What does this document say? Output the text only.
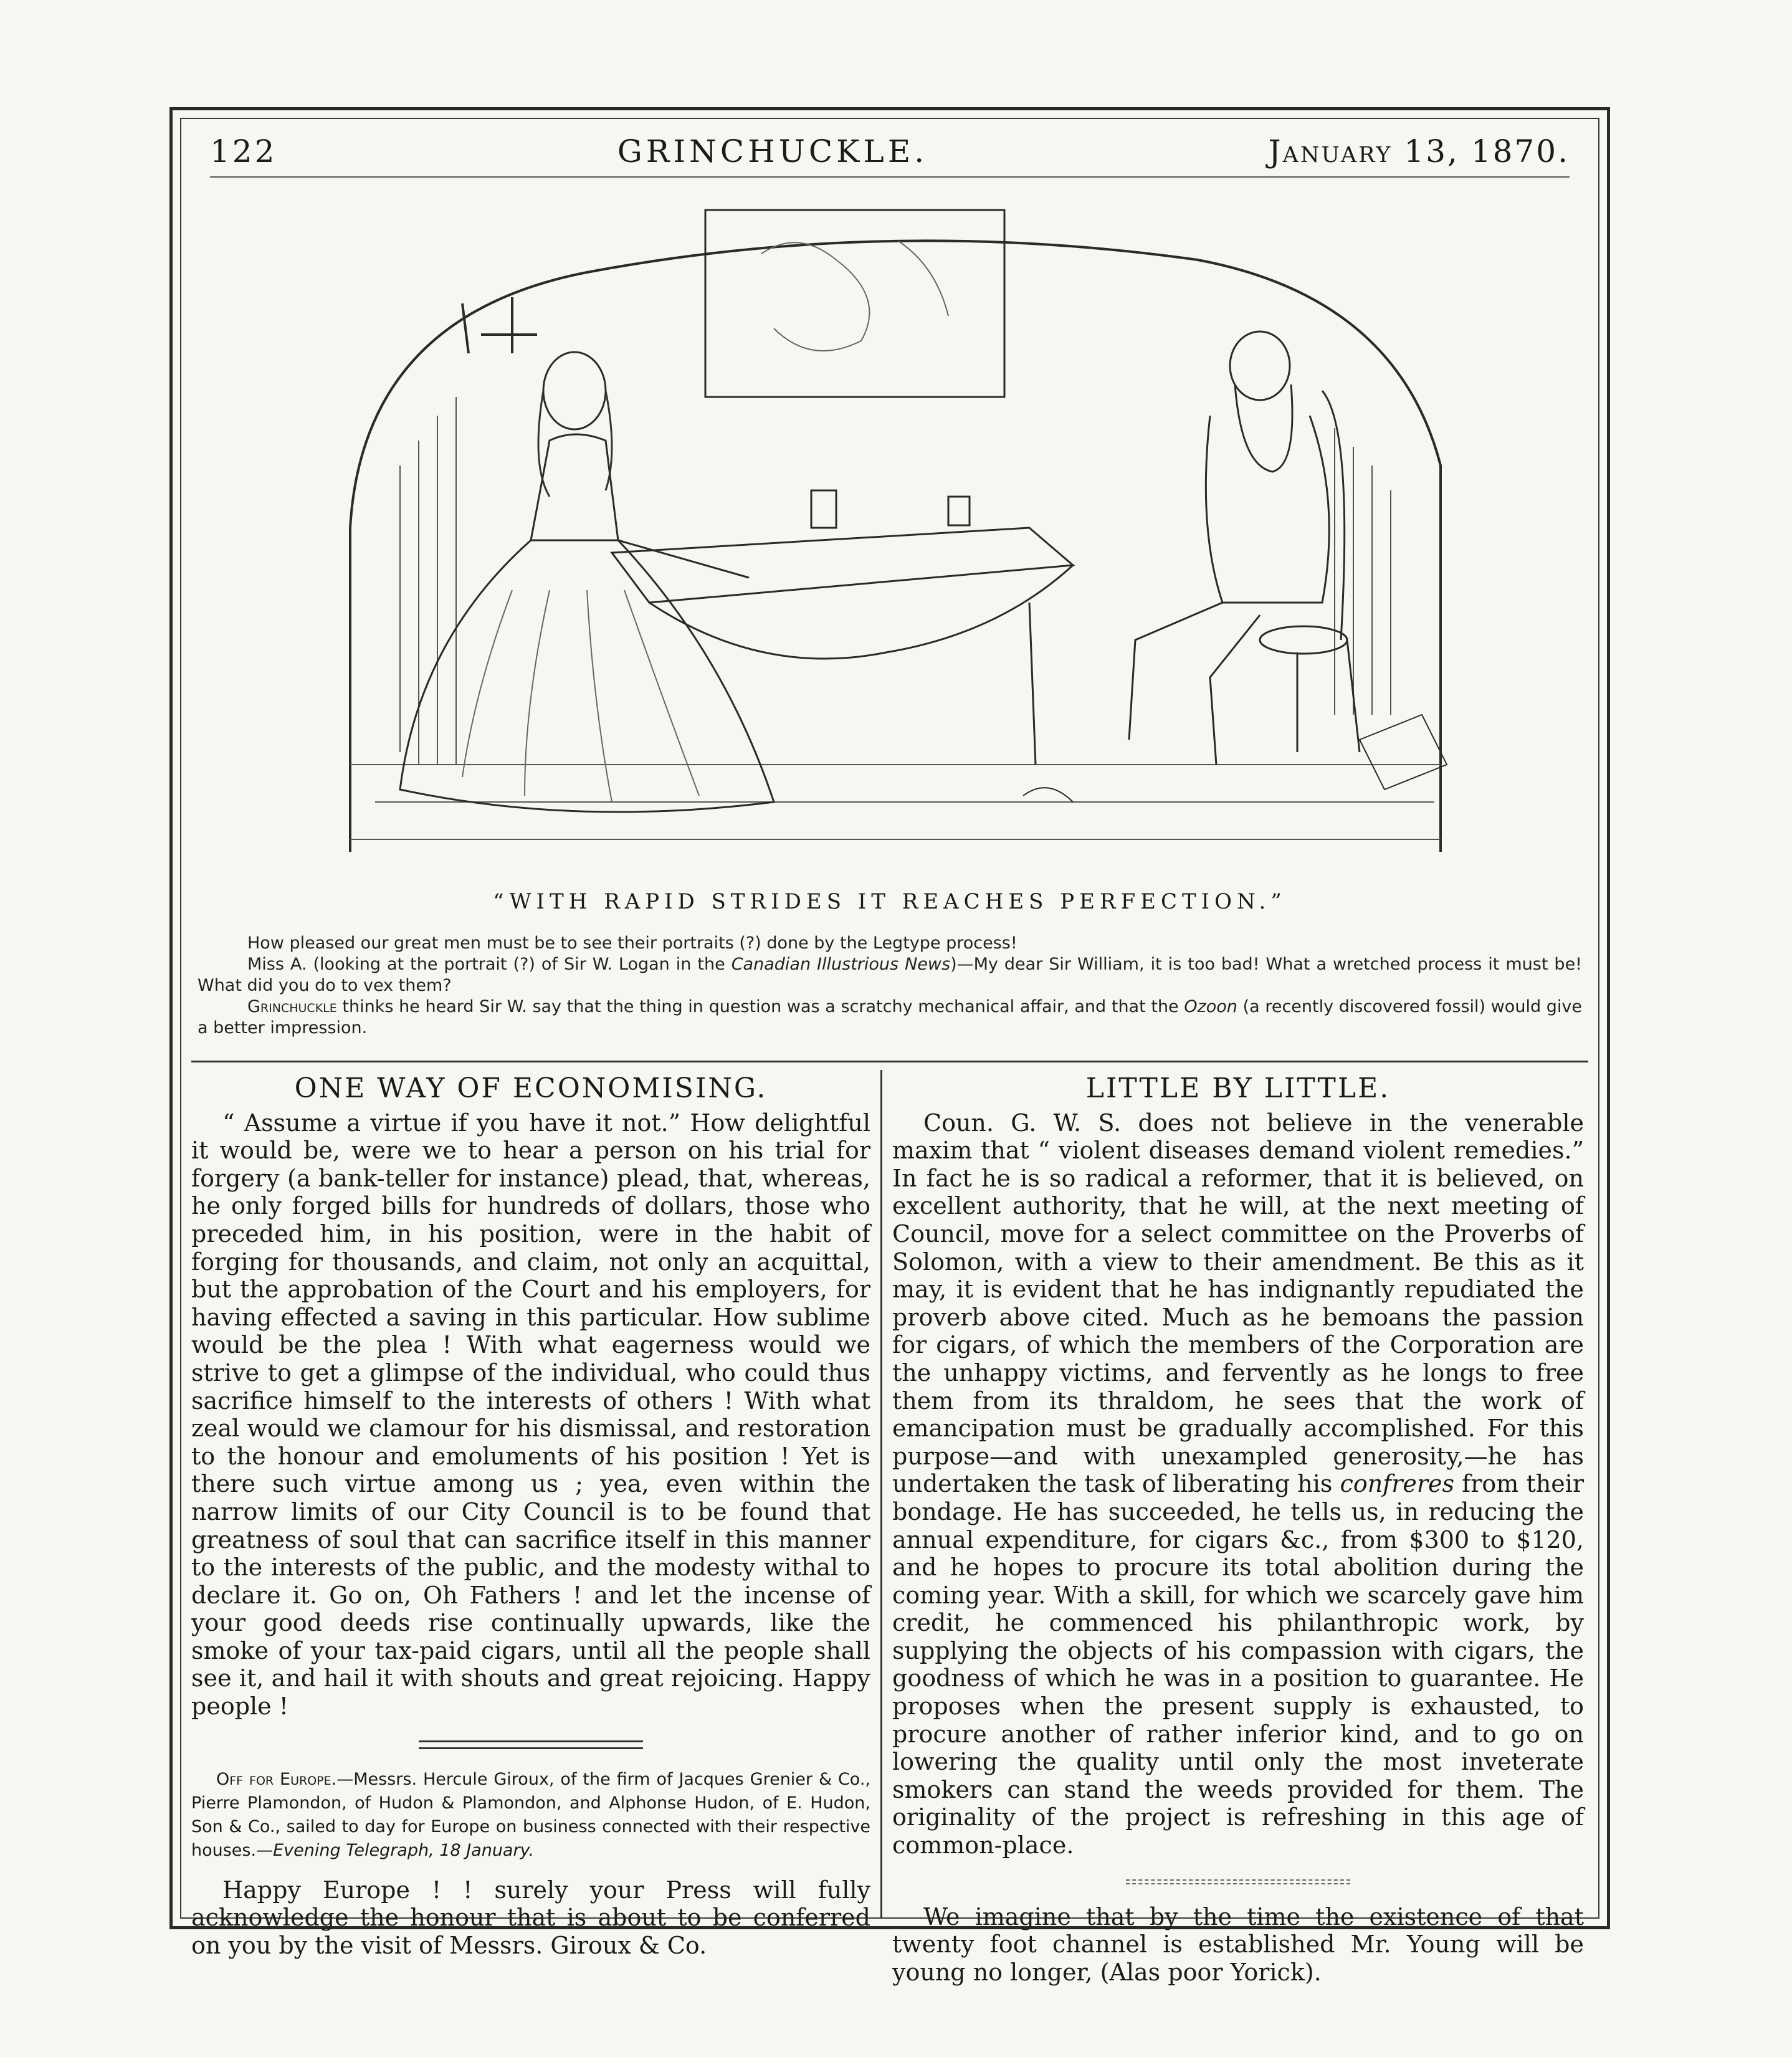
122	GRINCHUCKLE.	January 13, 1870.
“WITH RAPID STRIDES IT REACHES PERFECTION.”

How pleased our great men must be to see their portraits (?) done by the Legtype process!

Miss A. (looking at the portrait (?) of Sir W. Logan in the Canadian Illustrious News)—My dear Sir William, it is too bad! What a wretched process it must be! What did you do to vex them?

Grinchuckle thinks he heard Sir W. say that the thing in question was a scratchy mechanical affair, and that the Ozoon (a recently discovered fossil) would give a better impression.

ONE WAY OF ECONOMISING.

“ Assume a virtue if you have it not.” How delightful it would be, were we to hear a person on his trial for forgery (a bank-teller for instance) plead, that, whereas, he only forged bills for hundreds of dollars, those who preceded him, in his position, were in the habit of forging for thousands, and claim, not only an acquittal, but the approbation of the Court and his employers, for having effected a saving in this particular. How sublime would be the plea ! With what eagerness would we strive to get a glimpse of the individual, who could thus sacrifice himself to the interests of others ! With what zeal would we clamour for his dismissal, and restoration to the honour and emoluments of his position ! Yet is there such virtue among us ; yea, even within the narrow limits of our City Council is to be found that greatness of soul that can sacrifice itself in this manner to the interests of the public, and the modesty withal to declare it. Go on, Oh Fathers ! and let the incense of your good deeds rise continually upwards, like the smoke of your tax-paid cigars, until all the people shall see it, and hail it with shouts and great rejoicing. Happy people !

Off for Europe.—Messrs. Hercule Giroux, of the firm of Jacques Grenier & Co., Pierre Plamondon, of Hudon & Plamondon, and Alphonse Hudon, of E. Hudon, Son & Co., sailed to day for Europe on business connected with their respective houses.—Evening Telegraph, 18 January.

Happy Europe ! ! surely your Press will fully acknowledge the honour that is about to be conferred on you by the visit of Messrs. Giroux & Co.

LITTLE BY LITTLE.

Coun. G. W. S. does not believe in the venerable maxim that “ violent diseases demand violent remedies.” In fact he is so radical a reformer, that it is believed, on excellent authority, that he will, at the next meeting of Council, move for a select committee on the Proverbs of Solomon, with a view to their amendment. Be this as it may, it is evident that he has indignantly repudiated the proverb above cited. Much as he bemoans the passion for cigars, of which the members of the Corporation are the unhappy victims, and fervently as he longs to free them from its thraldom, he sees that the work of emancipation must be gradually accomplished. For this purpose—and with unexampled generosity,—he has undertaken the task of liberating his confreres from their bondage. He has succeeded, he tells us, in reducing the annual expenditure, for cigars &c., from $300 to $120, and he hopes to procure its total abolition during the coming year. With a skill, for which we scarcely gave him credit, he commenced his philanthropic work, by supplying the objects of his compassion with cigars, the goodness of which he was in a position to guarantee. He proposes when the present supply is exhausted, to procure another of rather inferior kind, and to go on lowering the quality until only the most inveterate smokers can stand the weeds provided for them. The originality of the project is refreshing in this age of common-place.

We imagine that by the time the existence of that twenty foot channel is established Mr. Young will be young no longer, (Alas poor Yorick).
